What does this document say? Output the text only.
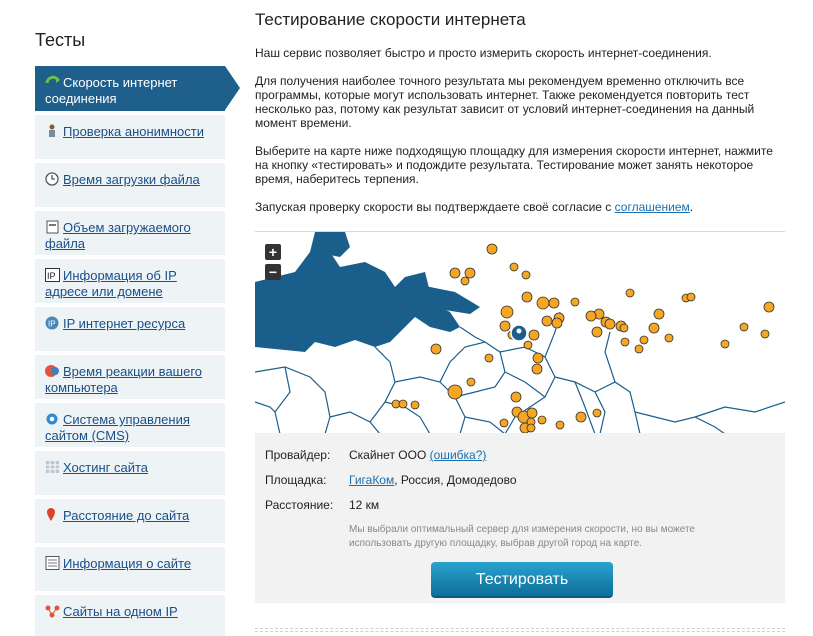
Тесты
Скорость интернет соединения
Проверка анонимности
Время загрузки файла
Объем загружаемого файла
IP Информация об IP адресе или домене
IP IP интернет ресурса
Время реакции вашего компьютера
Система управления сайтом (CMS)
Хостинг сайта
Расстояние до сайта
Информация о сайте
Сайты на одном IP
Тестирование скорости интернета
Наш сервис позволяет быстро и просто измерить скорость интернет-соединения.
Для получения наиболее точного результата мы рекомендуем временно отключить все программы, которые могут использовать интернет. Также рекомендуется повторить тест несколько раз, потому как результат зависит от условий интернет-соединения на данный момент времени.
Выберите на карте ниже подходящую площадку для измерения скорости интернет, нажмите на кнопку «тестировать» и подождите результата. Тестирование может занять некоторое время, наберитесь терпения.
Запуская проверку скорости вы подтверждаете своё согласие с соглашением.
+
−
Провайдер: Скайнет ООО (ошибка?)
Площадка: ГигаКом, Россия, Домодедово
Расстояние: 12 км
Мы выбрали оптимальный сервер для измерения скорости, но вы можете использовать другую площадку, выбрав другой город на карте.
Тестировать
